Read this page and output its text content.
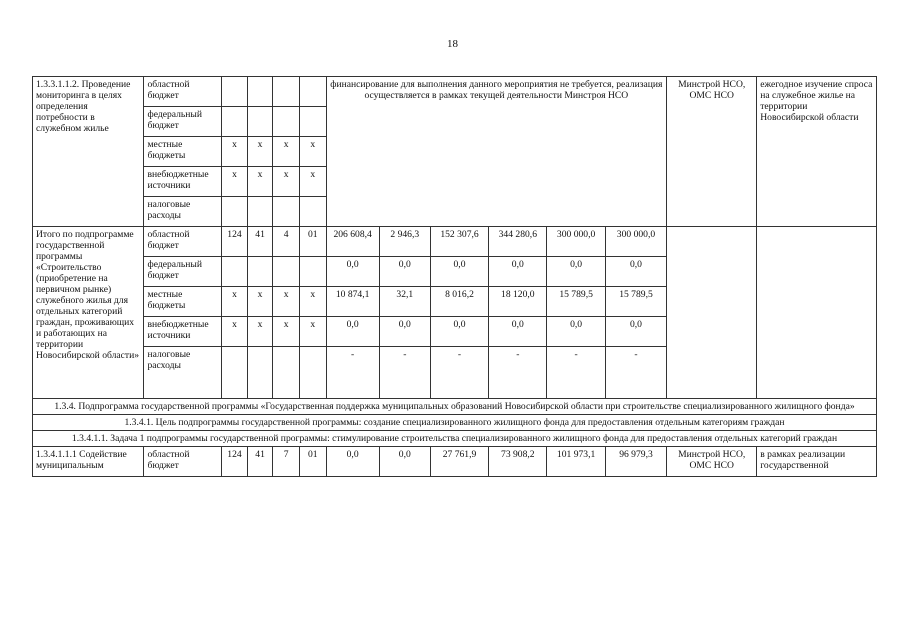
18
1.3.3.1.1.2. Проведение мониторинга в целях определения потребности в служебном жилье	областной бюджет					финансирование для выполнения данного мероприятия не требуется, реализация осуществляется в рамках текущей деятельности Минстроя НСО						Минстрой НСО, ОМС НСО	ежегодное изучение спроса на служебное жилье на территории Новосибирской области
	федеральный бюджет												
	местные бюджеты	x	x	x	x								
	внебюджетные источники	x	x	x	x								
	налоговые расходы												
Итого по подпрограмме государственной программы «Строительство (приобретение на первичном рынке) служебного жилья для отдельных категорий граждан, проживающих и работающих на территории Новосибирской области»	областной бюджет	124	41	4	01	206 608,4	2 946,3	152 307,6	344 280,6	300 000,0	300 000,0		
	федеральный бюджет					0,0	0,0	0,0	0,0	0,0	0,0		
	местные бюджеты	x	x	x	x	10 874,1	32,1	8 016,2	18 120,0	15 789,5	15 789,5		
	внебюджетные источники	x	x	x	x	0,0	0,0	0,0	0,0	0,0	0,0		
	налоговые расходы					-	-	-	-	-	-		
1.3.4. Подпрограмма государственной программы «Государственная поддержка муниципальных образований Новосибирской области при строительстве специализированного жилищного фонда»													
1.3.4.1. Цель подпрограммы государственной программы: создание специализированного жилищного фонда для предоставления отдельным категориям граждан													
1.3.4.1.1. Задача 1 подпрограммы государственной программы: стимулирование строительства специализированного жилищного фонда для предоставления отдельных категорий граждан													
1.3.4.1.1.1 Содействие муниципальным	областной бюджет	124	41	7	01	0,0	0,0	27 761,9	73 908,2	101 973,1	96 979,3	Минстрой НСО, ОМС НСО	в рамках реализации государственной
